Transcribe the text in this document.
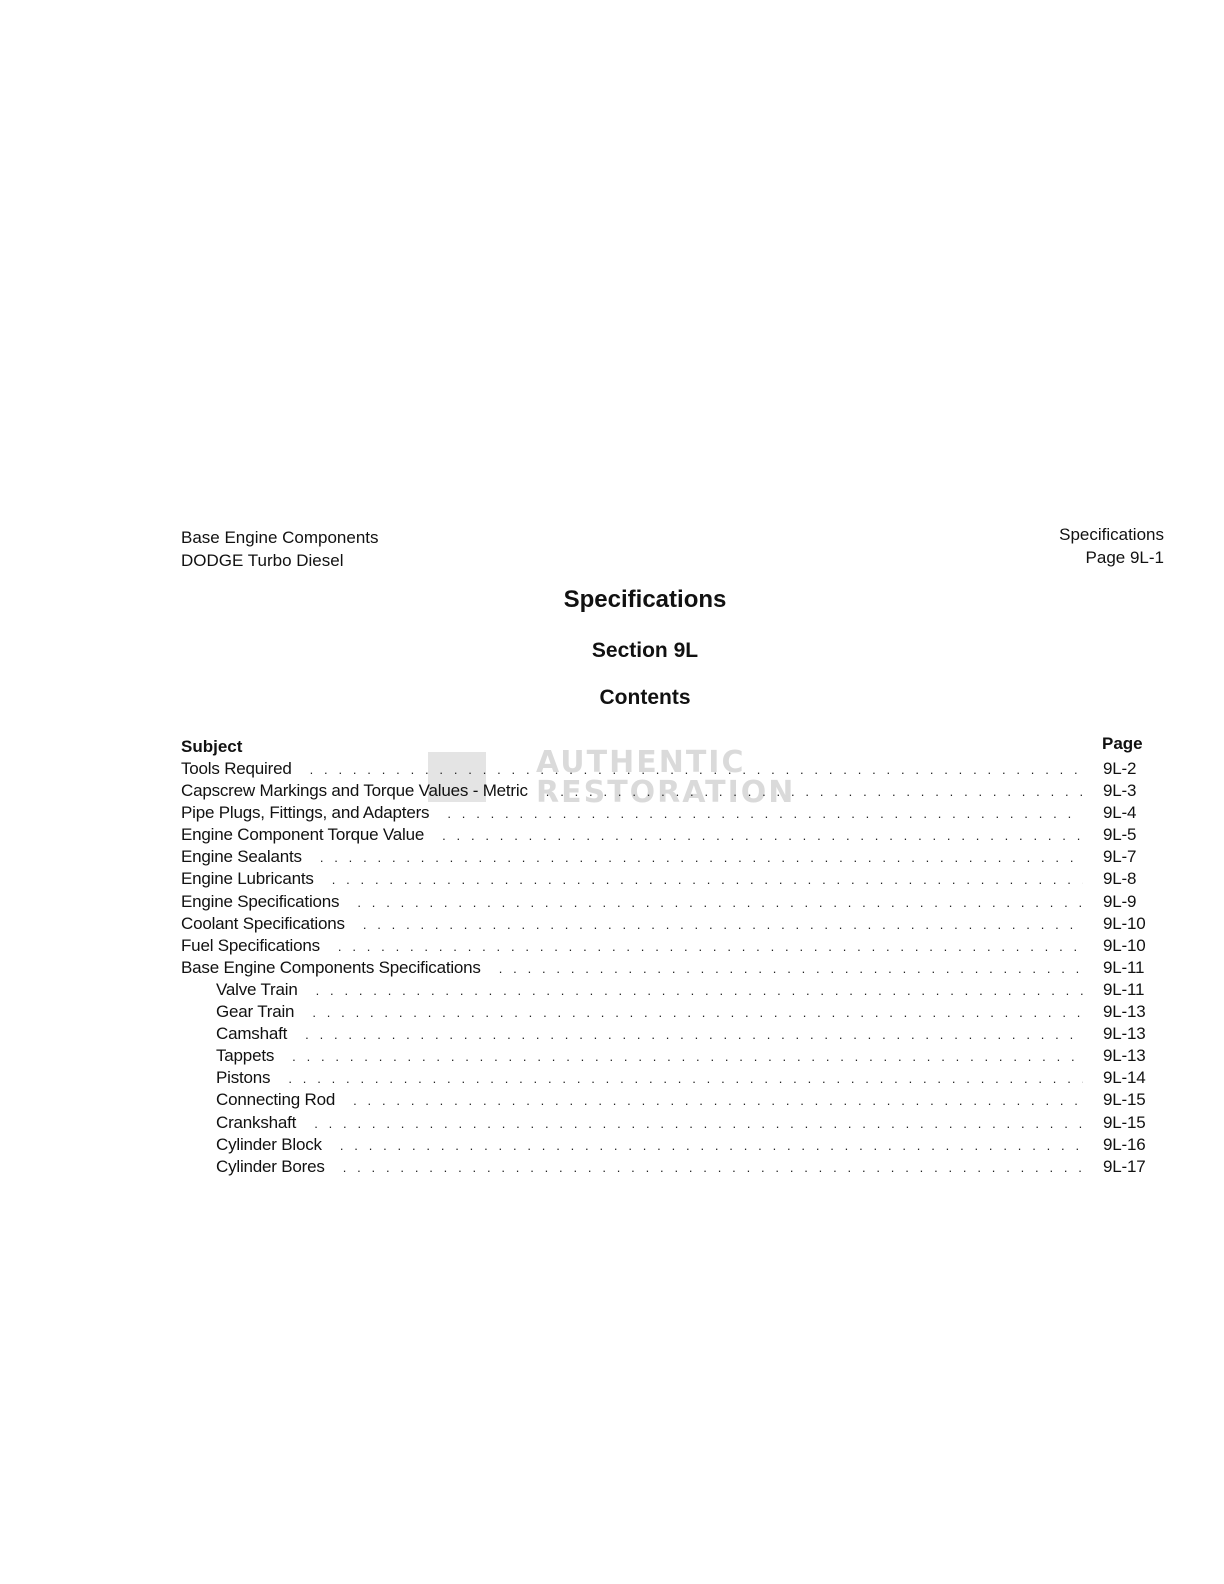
Base Engine Components
DODGE Turbo Diesel
Specifications
Page 9L-1
Specifications
Section 9L
Contents
AUTHENTIC RESTORATION
Subject	Page
Tools Required . . .	9L-2
Capscrew Markings and Torque Values - Metric . . .	9L-3
Pipe Plugs, Fittings, and Adapters . . .	9L-4
Engine Component Torque Value . . .	9L-5
Engine Sealants . . .	9L-7
Engine Lubricants . . .	9L-8
Engine Specifications . . .	9L-9
Coolant Specifications . . .	9L-10
Fuel Specifications . . .	9L-10
Base Engine Components Specifications . . .	9L-11
Valve Train . . .	9L-11
Gear Train . . .	9L-13
Camshaft . . .	9L-13
Tappets . . .	9L-13
Pistons . . .	9L-14
Connecting Rod . . .	9L-15
Crankshaft . . .	9L-15
Cylinder Block . . .	9L-16
Cylinder Bores . . .	9L-17
